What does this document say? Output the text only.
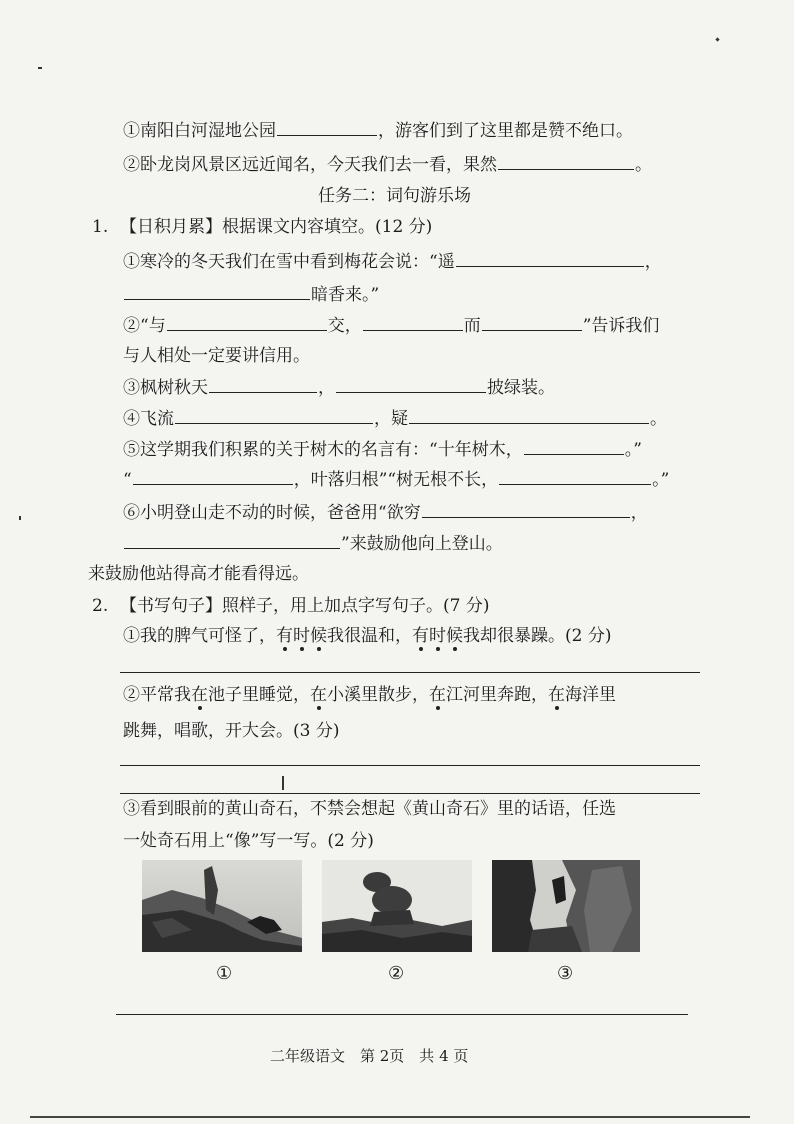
①南阳白河湿地公园	，游客们到了这里都是赞不绝口。
②卧龙岗风景区远近闻名，今天我们去一看，果然	。
任务二：词句游乐场
1. 【日积月累】根据课文内容填空。(12 分)
①寒冷的冬天我们在雪中看到梅花会说：“遥	，
暗香来。”
②“与	交，	而	”告诉我们
与人相处一定要讲信用。
③枫树秋天	，	披绿装。
④飞流	，疑	。
⑤这学期我们积累的关于树木的名言有：“十年树木，	。”
“	，叶落归根”“树无根不长，	。”
⑥小明登山走不动的时候，爸爸用“欲穷	，
”来鼓励他向上登山。
来鼓励他站得高才能看得远。
2. 【书写句子】照样子，用上加点字写句子。(7 分)
①我的脾气可怪了，有时候我很温和，有时候我却很暴躁。(2 分)
②平常我在池子里睡觉，在小溪里散步，在江河里奔跑，在海洋里
跳舞，唱歌，开大会。(3 分)
③看到眼前的黄山奇石，不禁会想起《黄山奇石》里的话语，任选
一处奇石用上“像”写一写。(2 分)
①	②	③
二年级语文　第 2页　共 4 页
